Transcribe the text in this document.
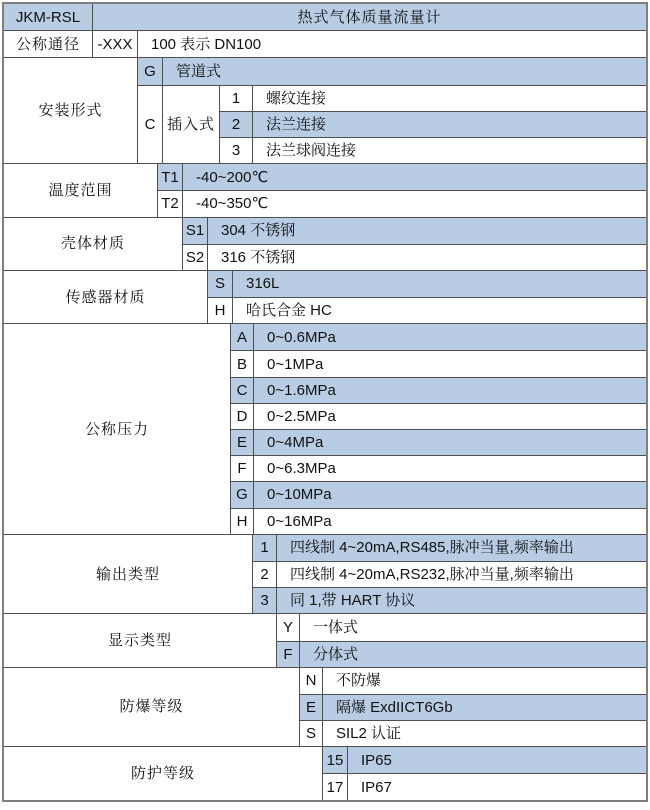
JKM-RSL	热式气体质量流量计
公称通径	-XXX	100 表示 DN100
安装形式
G	管道式
C 插入式
1	螺纹连接
2	法兰连接
3	法兰球阀连接
温度范围
T1	-40~200℃
T2	-40~350℃
壳体材质
S1	304 不锈钢
S2	316 不锈钢
传感器材质
S	316L
H	哈氏合金 HC
公称压力
A	0~0.6MPa
B	0~1MPa
C	0~1.6MPa
D	0~2.5MPa
E	0~4MPa
F	0~6.3MPa
G	0~10MPa
H	0~16MPa
输出类型
1	四线制 4~20mA,RS485,脉冲当量,频率输出
2	四线制 4~20mA,RS232,脉冲当量,频率输出
3	同 1,带 HART 协议
显示类型
Y	一体式
F	分体式
防爆等级
N	不防爆
E	隔爆 ExdIICT6Gb
S	SIL2 认证
防护等级
15	IP65
17	IP67
